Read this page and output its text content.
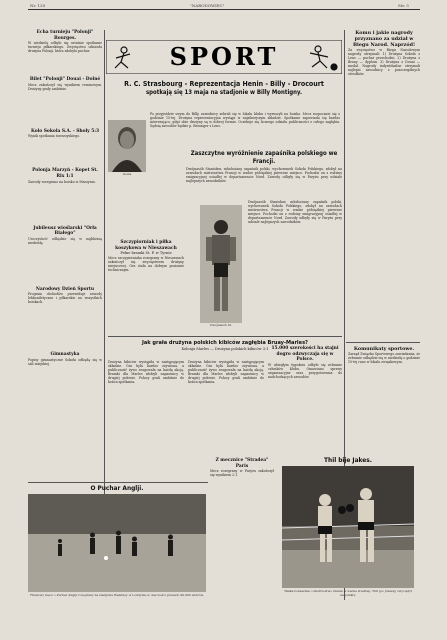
Nr. 130	"NARODOWIEC"	Str. 5
SPORT
R. C. Strasbourg - Reprezentacja Henin - Billy - Drocourt
spotkają się 13 maja na stadjonie w Billy Montigny.
Gosia
Po przyjeździe swym do Billy, zawodnicy zebrali się w lokalu klubu i wyruszyli na boisko. Mecz rozpocznie się o godzinie 15-tej. Drużyna reprezentacyjna wystąpi w najsilniejszym składzie. Spotkanie zapowiada się bardzo interesująco, gdyż obie drużyny są w dobrej formie. Oczekuje się licznego udziału publiczności z całego zagłębia. Sędzią zawodów będzie p. Beranger z Lens.
Zaszczytne wyróżnienie zapaśnika polskiego we Francji.
Dwójnasób Stanisław, młodociany zapaśnik polski, wychowanek Sokoła Polskiego, zdobył na zawodach mistrzostwa Francji w wadze półciężkiej pierwsze miejsce. Pochodzi on z rodziny emigracyjnej osiadłej w departamencie Nord. Zawody odbyły się w Paryżu przy udziale najlepszych zawodników.
Dwójnasób St.
Szczypiorniak i piłka koszykowa w Nieszawach
Pełne bramki St. P. w Tyrnie
Mecz szczypiorniaka rozegrany w Nieszawach zakończył się zwycięstwem drużyny miejscowej. Gra stała na dobrym poziomie technicznym.
Dwójnasób Stanisław, młodociany zapaśnik polski, wychowanek Sokoła Polskiego, zdobył na zawodach mistrzostwa Francji w wadze półciężkiej pierwsze miejsce. Pochodzi on z rodziny emigracyjnej osiadłej w departamencie Nord. Zawody odbyły się w Paryżu przy udziale najlepszych zawodników.
Jak grała drużyna polskich kibiców zagłębia Bruay-Marles?
Kolonja Marles — Drużyna polskich kibiców 3:1
Drużyna kibiców wystąpiła w następującym składzie. Gra była bardzo ożywiona, a publiczność żywo reagowała na każdą akcję. Bramki dla Marles zdobyli napastnicy w drugiej połowie. Polacy grali ambitnie do końca spotkania.
Drużyna kibiców wystąpiła w następującym składzie. Gra była bardzo ożywiona, a publiczność żywo reagowała na każdą akcję. Bramki dla Marles zdobyli napastnicy w drugiej połowie. Polacy grali ambitnie do końca spotkania.
15.000 szerokości ha stajni dogro odzwyczaja się w Polsce.
W ubiegłym tygodniu odbyło się zebranie członków klubu. Omawiano sprawy organizacyjne oraz przygotowania do nadchodzących zawodów.
Echa turnieju "Polonji" Bourges.
W niedzielę odbyło się ostatnie spotkanie turnieju piłkarskiego. Zwycięstwo odniosła drużyna Polonji, która zdobyła puchar.
Bilet "Polonji" Douai - Dolné
Mecz zakończył się wynikiem remisowym. Drużyny grały ambitnie.
Kolo Sokola S.A. - Sholy 5:3
Wynik spotkania towarzyskiego.
Polonja Marzyń - Kopet St. Rix 1:1
Zawody rozegrano na boisku w Marzyniu.
Jubileusz wioślarski "Orła Białego"
Uroczystość odbędzie się w najbliższą niedzielę.
Narodowy Dzień Sportu
Program obchodów przewiduje zawody lekkoatletyczne i piłkarskie na wszystkich boiskach.
Gimnastyka
Popisy gimnastyczne Sokoła odbędą się w sali miejskiej.
O Puchar Anglji.
Finałowy mecz o Puchar Anglji rozegrany na stadjonie Wembley w Londynie w obecności przeszło 90.000 widzów.
Z mecznice "Stradea" Paris
Mecz rozegrany w Paryżu zakończył się wynikiem 2:1.
Thil bije Jakes.
Walka bokserska o mistrzostwo świata w wadze średniej. Thil (po prawej) zwyciężył na punkty.
Komu i jakie nagrody przyznano za udział w Biegu Narod. Naprzód!
Za zwycięstwo w Biegu Narodowym nagrody otrzymali: 1) Drużyna Sokoła z Lens — puchar przechodni. 2) Drużyna z Bruay — dyplom. 3) Drużyna z Douai — medal. Nagrody indywidualne otrzymali najlepsi zawodnicy z poszczególnych ośrodków.
Komunikaty sportowe.
Zarząd Związku Sportowego zawiadamia, że zebranie odbędzie się w niedzielę o godzinie 10-tej rano w lokalu związkowym.
